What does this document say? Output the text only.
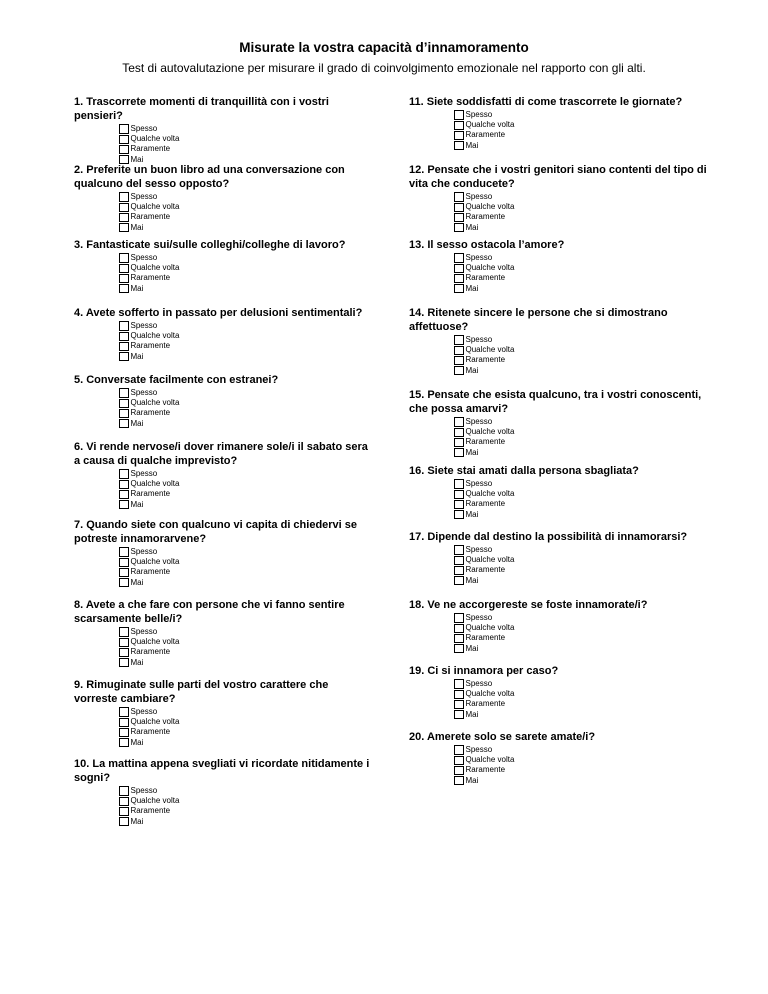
Misurate la vostra capacità d’innamoramento
Test di autovalutazione per misurare il grado di coinvolgimento emozionale nel rapporto con gli alti.

1. Trascorrete momenti di tranquillità con i vostri pensieri?

Spesso
Qualche volta
Raramente
Mai

2. Preferite un buon libro ad una conversazione con qualcuno del sesso opposto?

Spesso
Qualche volta
Raramente
Mai

3. Fantasticate sui/sulle colleghi/colleghe di lavoro?

Spesso
Qualche volta
Raramente
Mai

4. Avete sofferto in passato per delusioni sentimentali?

Spesso
Qualche volta
Raramente
Mai

5. Conversate facilmente con estranei?

Spesso
Qualche volta
Raramente
Mai

6. Vi rende nervose/i dover rimanere sole/i il sabato sera a causa di qualche imprevisto?

Spesso
Qualche volta
Raramente
Mai

7. Quando siete con qualcuno vi capita di chiedervi se potreste innamorarvene?

Spesso
Qualche volta
Raramente
Mai

8. Avete a che fare con persone che vi fanno sentire scarsamente belle/i?

Spesso
Qualche volta
Raramente
Mai

9. Rimuginate sulle parti del vostro carattere che vorreste cambiare?

Spesso
Qualche volta
Raramente
Mai

10. La mattina appena svegliati vi ricordate nitidamente i sogni?

Spesso
Qualche volta
Raramente
Mai

11. Siete soddisfatti di come trascorrete le giornate?

Spesso
Qualche volta
Raramente
Mai

12. Pensate che i vostri genitori siano contenti del tipo di vita che conducete?

Spesso
Qualche volta
Raramente
Mai

13. Il sesso ostacola l’amore?

Spesso
Qualche volta
Raramente
Mai

14. Ritenete sincere le persone che si dimostrano affettuose?

Spesso
Qualche volta
Raramente
Mai

15. Pensate che esista qualcuno, tra i vostri conoscenti, che possa amarvi?

Spesso
Qualche volta
Raramente
Mai

16. Siete stai amati dalla persona sbagliata?

Spesso
Qualche volta
Raramente
Mai

17. Dipende dal destino la possibilità di innamorarsi?

Spesso
Qualche volta
Raramente
Mai

18. Ve ne accorgereste se foste innamorate/i?

Spesso
Qualche volta
Raramente
Mai

19. Ci si innamora per caso?

Spesso
Qualche volta
Raramente
Mai

20. Amerete solo se sarete amate/i?

Spesso
Qualche volta
Raramente
Mai
